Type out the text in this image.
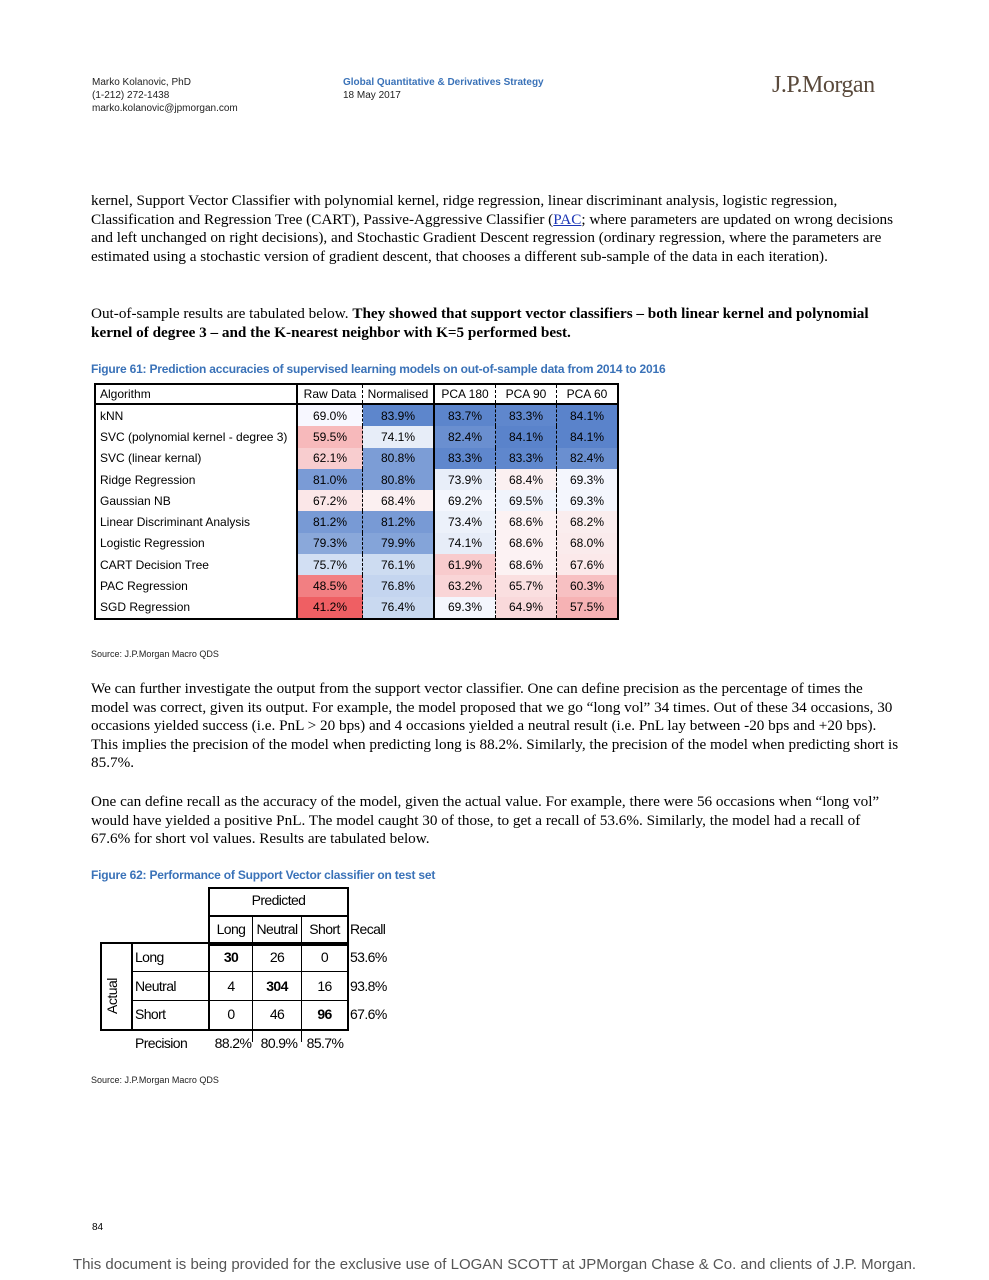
Marko Kolanovic, PhD
(1-212) 272-1438
marko.kolanovic@jpmorgan.com
Global Quantitative & Derivatives Strategy
18 May 2017	J.P.Morgan
kernel, Support Vector Classifier with polynomial kernel, ridge regression, linear discriminant analysis, logistic regression, Classification and Regression Tree (CART), Passive-Aggressive Classifier (PAC; where parameters are updated on wrong decisions and left unchanged on right decisions), and Stochastic Gradient Descent regression (ordinary regression, where the parameters are estimated using a stochastic version of gradient descent, that chooses a different sub-sample of the data in each iteration).
Out-of-sample results are tabulated below. They showed that support vector classifiers – both linear kernel and polynomial kernel of degree 3 – and the K-nearest neighbor with K=5 performed best.
Figure 61: Prediction accuracies of supervised learning models on out-of-sample data from 2014 to 2016
Algorithm	Raw Data	Normalised	PCA 180	PCA 90	PCA 60
kNN	69.0%	83.9%	83.7%	83.3%	84.1%
SVC (polynomial kernel - degree 3)	59.5%	74.1%	82.4%	84.1%	84.1%
SVC (linear kernal)	62.1%	80.8%	83.3%	83.3%	82.4%
Ridge Regression	81.0%	80.8%	73.9%	68.4%	69.3%
Gaussian NB	67.2%	68.4%	69.2%	69.5%	69.3%
Linear Discriminant Analysis	81.2%	81.2%	73.4%	68.6%	68.2%
Logistic Regression	79.3%	79.9%	74.1%	68.6%	68.0%
CART Decision Tree	75.7%	76.1%	61.9%	68.6%	67.6%
PAC Regression	48.5%	76.8%	63.2%	65.7%	60.3%
SGD Regression	41.2%	76.4%	69.3%	64.9%	57.5%
Source: J.P.Morgan Macro QDS
We can further investigate the output from the support vector classifier. One can define precision as the percentage of times the model was correct, given its output. For example, the model proposed that we go “long vol” 34 times. Out of these 34 occasions, 30 occasions yielded success (i.e. PnL > 20 bps) and 4 occasions yielded a neutral result (i.e. PnL lay between -20 bps and +20 bps). This implies the precision of the model when predicting long is 88.2%. Similarly, the precision of the model when predicting short is 85.7%.
One can define recall as the accuracy of the model, given the actual value. For example, there were 56 occasions when “long vol” would have yielded a positive PnL. The model caught 30 of those, to get a recall of 53.6%. Similarly, the model had a recall of 67.6% for short vol values. Results are tabulated below.
Figure 62: Performance of Support Vector classifier on test set
Predicted
Long Neutral Short Recall
Actual
Long	30	26	0	53.6%
Neutral	4	304	16	93.8%
Short	0	46	96	67.6%
Precision	88.2% 80.9% 85.7%
Source: J.P.Morgan Macro QDS
84
This document is being provided for the exclusive use of LOGAN SCOTT at JPMorgan Chase & Co. and clients of J.P. Morgan.
